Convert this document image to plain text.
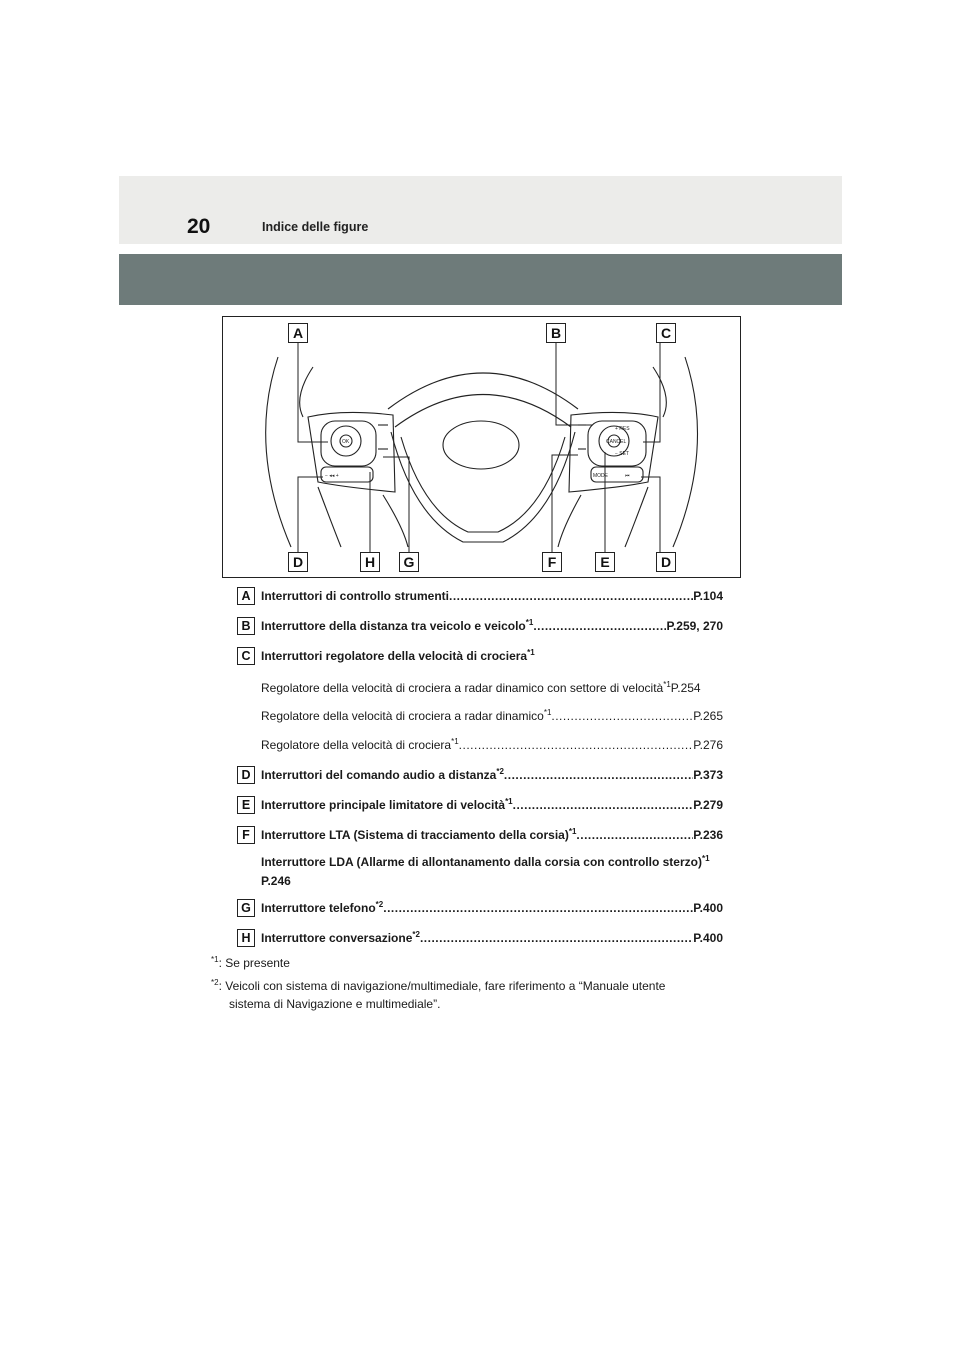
20	Indice delle figure
OK
+ RES
− SET
CANCEL
MODE
− ◂◂ +	⏮
A	B	C
D	H	G	F	E	D
A Interruttori di controllo strumenti .....	P.104
B Interruttore della distanza tra veicolo e veicolo$^{*1}$ .....	P.259, 270
C Interruttori regolatore della velocità di crociera$^{*1}$
Regolatore della velocità di crociera a radar dinamico con settore di velocità$^{*1}$ P.254
Regolatore della velocità di crociera a radar dinamico$^{*1}$ .....	P.265
Regolatore della velocità di crociera$^{*1}$ .....	P.276
D Interruttori del comando audio a distanza$^{*2}$ .....	P.373
E Interruttore principale limitatore di velocità$^{*1}$ .....	P.279
F Interruttore LTA (Sistema di tracciamento della corsia)$^{*1}$ .....	P.236
Interruttore LDA (Allarme di allontanamento dalla corsia con controllo sterzo)$^{*1}$
P.246
G Interruttore telefono$^{*2}$ .....	P.400
H Interruttore conversazione$^{*2}$ .....	P.400
$^{*1}$: Se presente
$^{*2}$: Veicoli con sistema di navigazione/multimediale, fare riferimento a “Manuale utente
sistema di Navigazione e multimediale”.
